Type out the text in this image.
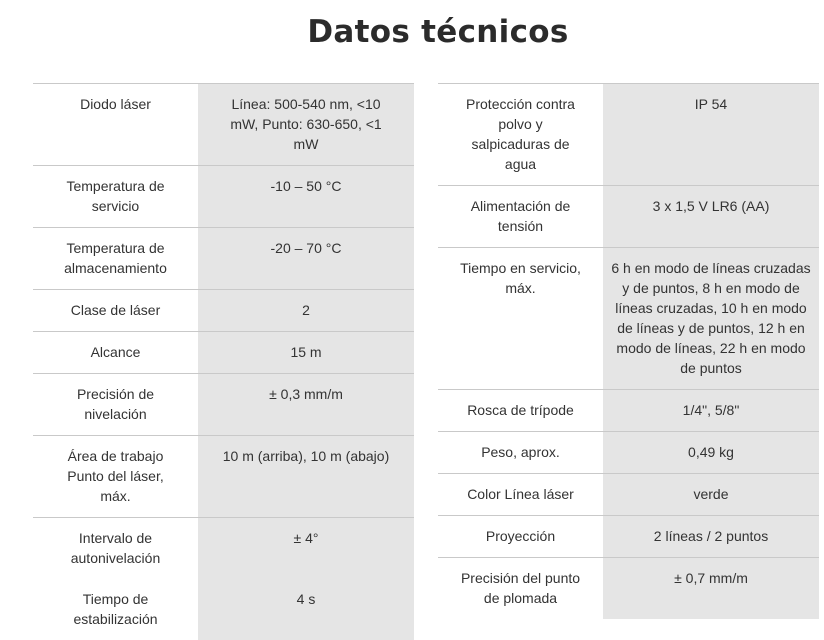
Datos técnicos
Diodo láser	Línea: 500-540 nm, <10 mW, Punto: 630-650, <1 mW
Temperatura de servicio	-10 – 50 °C
Temperatura de almacenamiento	-20 – 70 °C
Clase de láser	2
Alcance	15 m
Precisión de nivelación	± 0,3 mm/m
Área de trabajo Punto del láser, máx.	10 m (arriba), 10 m (abajo)
Intervalo de autonivelación	± 4°
Tiempo de estabilización	4 s
Protección contra polvo y salpicaduras de agua	IP 54
Alimentación de tensión	3 x 1,5 V LR6 (AA)
Tiempo en servicio, máx.	6 h en modo de líneas cruzadas y de puntos, 8 h en modo de líneas cruzadas, 10 h en modo de líneas y de puntos, 12 h en modo de líneas, 22 h en modo de puntos
Rosca de trípode	1/4", 5/8"
Peso, aprox.	0,49 kg
Color Línea láser	verde
Proyección	2 líneas / 2 puntos
Precisión del punto de plomada	± 0,7 mm/m
